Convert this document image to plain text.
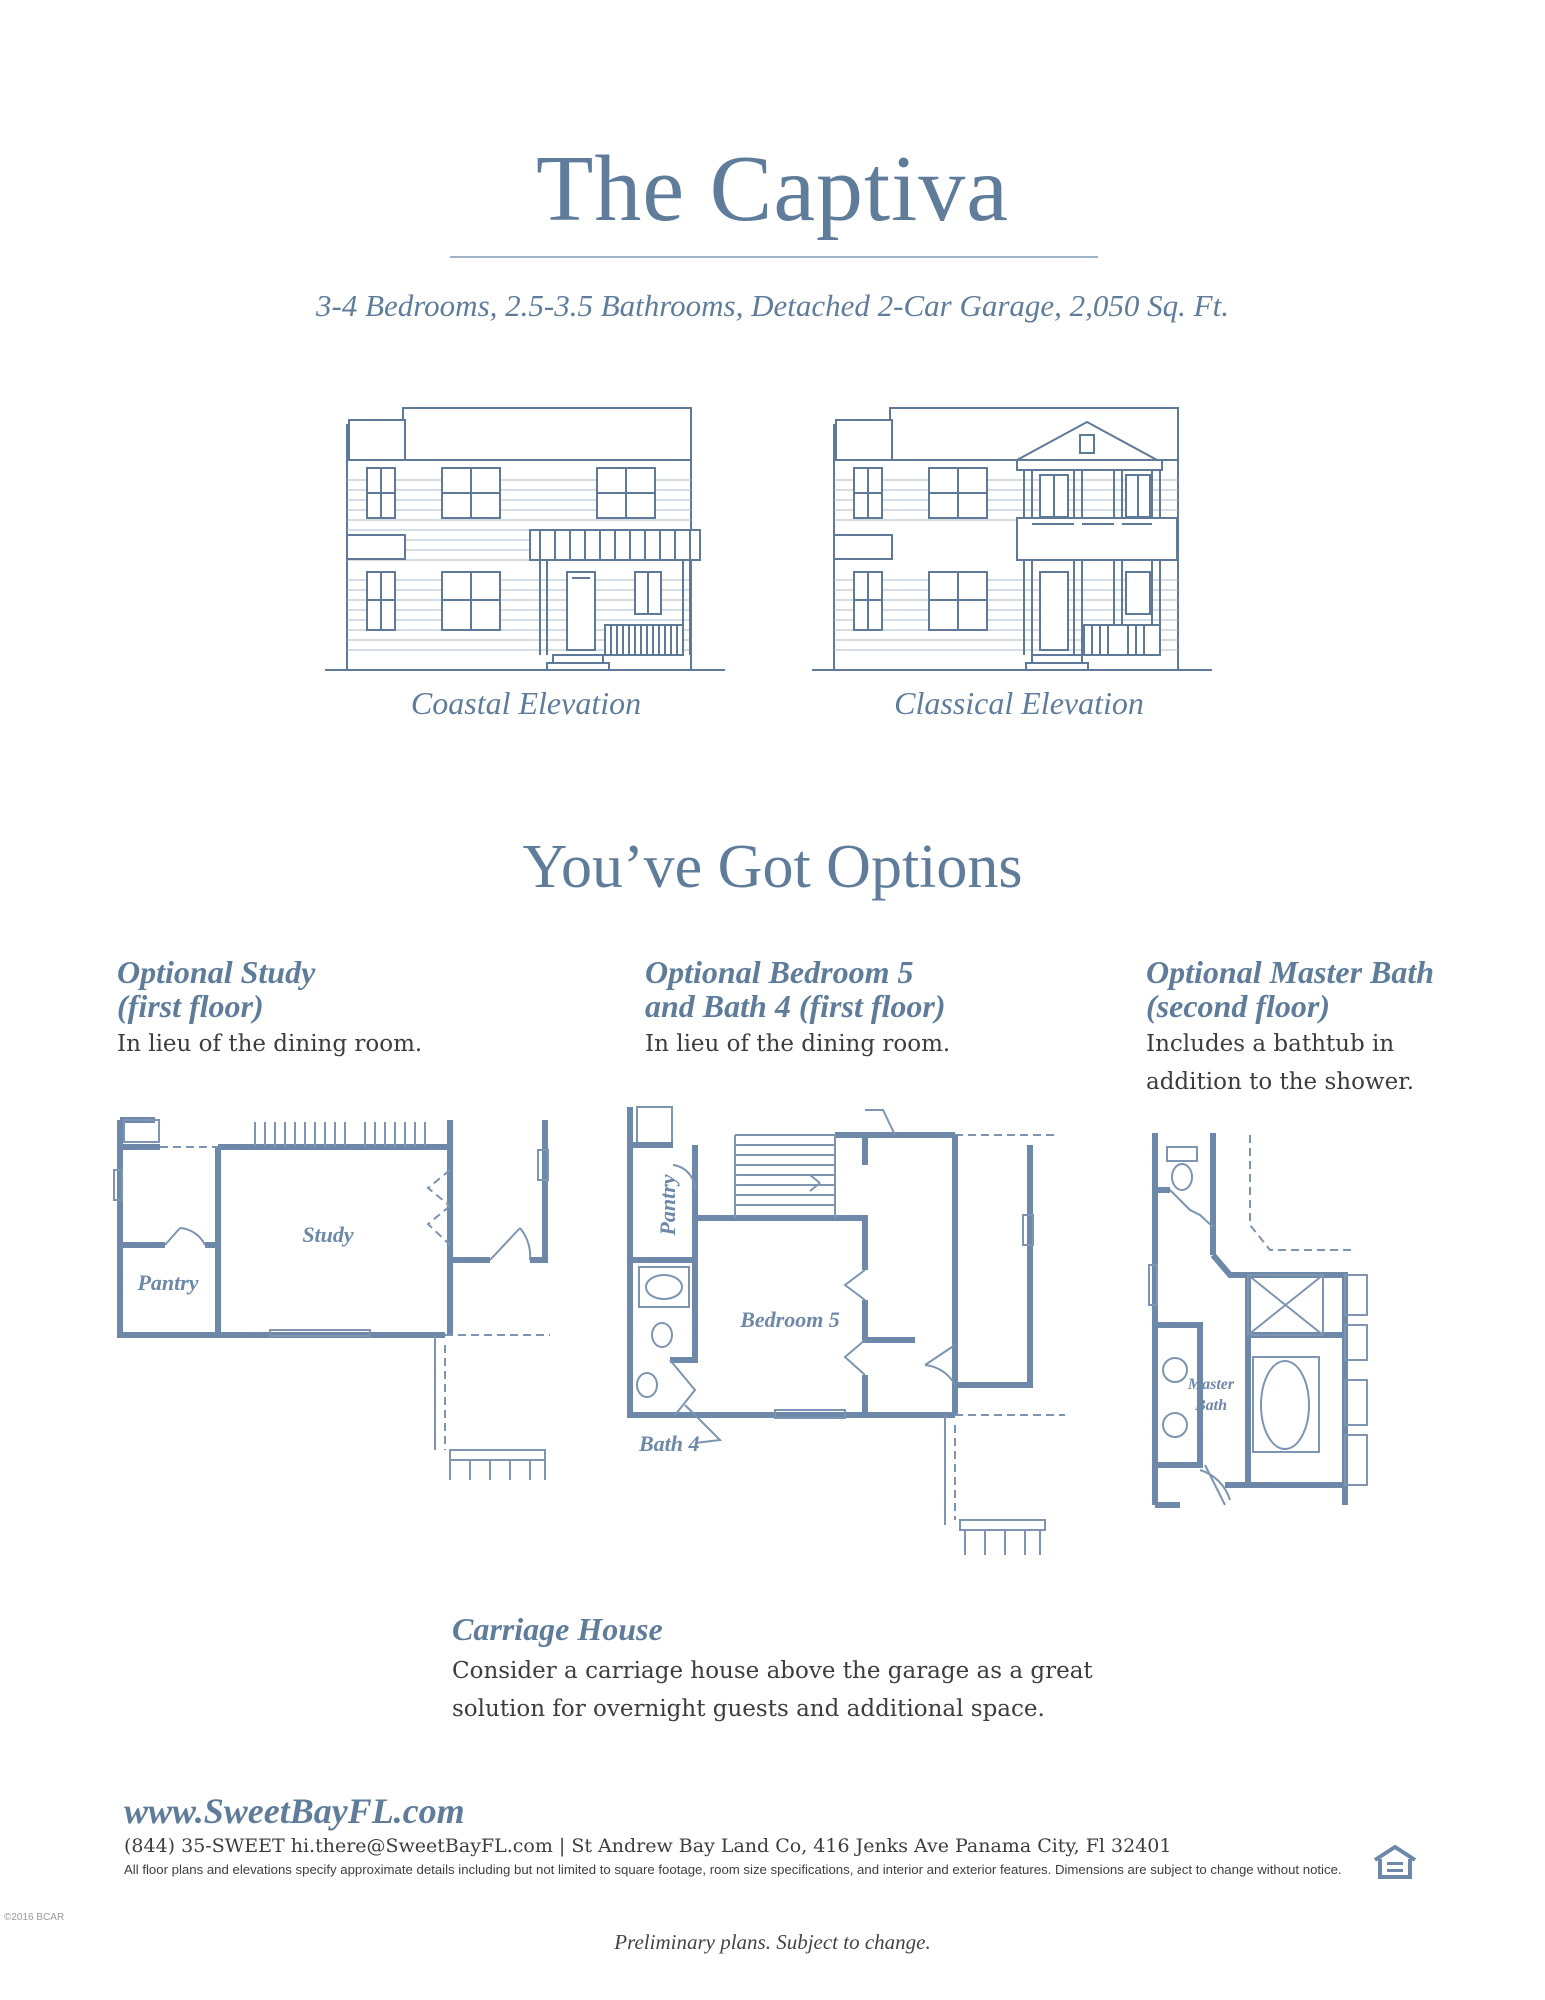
The Captiva
3-4 Bedrooms, 2.5-3.5 Bathrooms, Detached 2-Car Garage, 2,050 Sq. Ft.
Coastal Elevation	Classical Elevation
You’ve Got Options
Optional Study
(first floor)
In lieu of the dining room.
Optional Bedroom 5
and Bath 4 (first floor)
In lieu of the dining room.
Optional Master Bath
(second floor)
Includes a bathtub in
addition to the shower.
Study
Pantry
Pantry
Bedroom 5
Bath 4
Master
Bath
Carriage House
Consider a carriage house above the garage as a great
solution for overnight guests and additional space.
www.SweetBayFL.com
(844) 35-SWEET hi.there@SweetBayFL.com | St Andrew Bay Land Co, 416 Jenks Ave Panama City, Fl 32401
All floor plans and elevations specify approximate details including but not limited to square footage, room size specifications, and interior and exterior features. Dimensions are subject to change without notice.
©2016 BCAR
Preliminary plans. Subject to change.
